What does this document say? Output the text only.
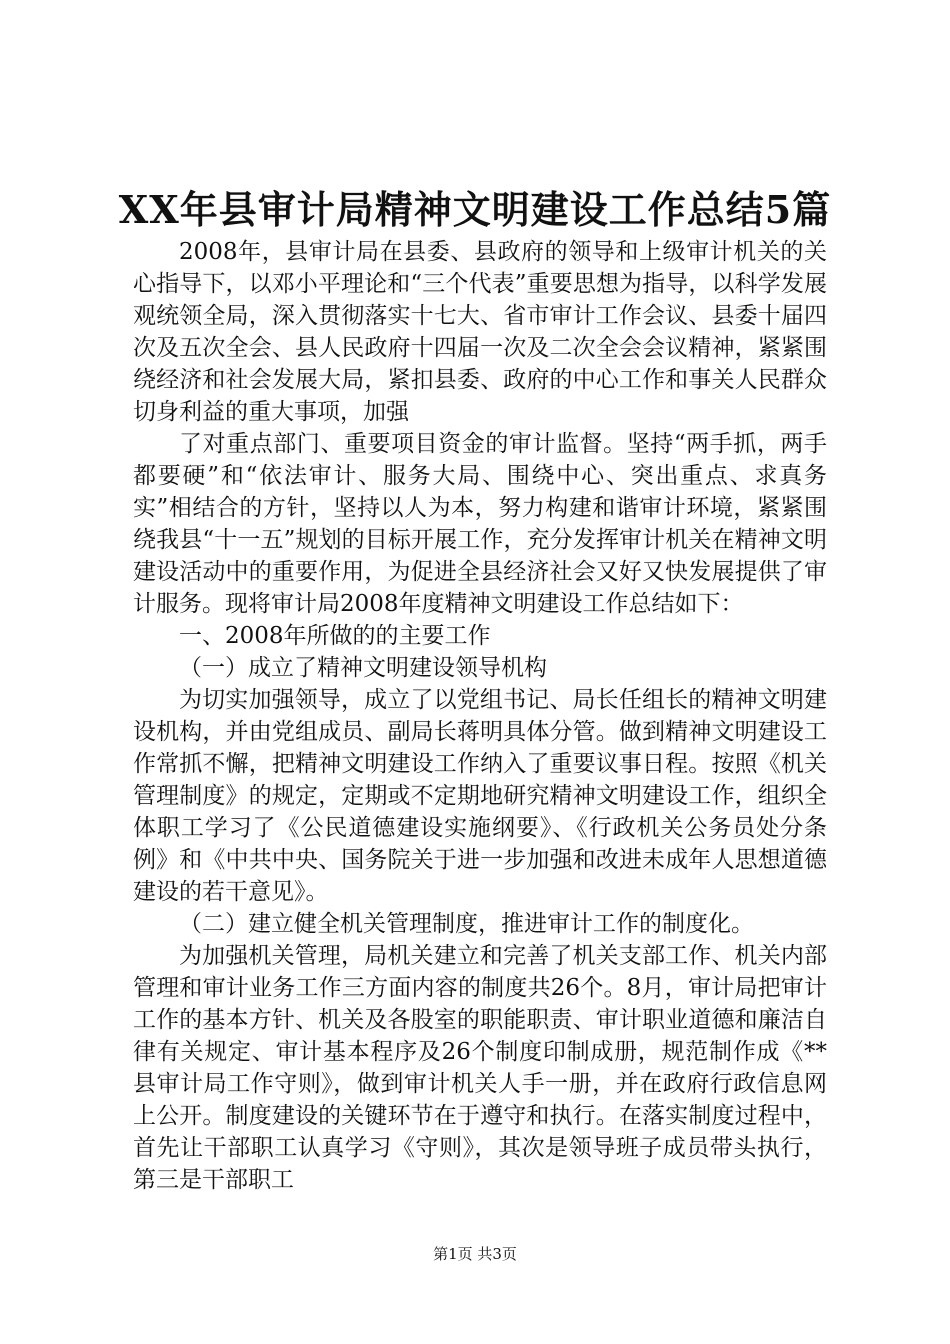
XX年县审计局精神文明建设工作总结5篇

2008年，县审计局在县委、县政府的领导和上级审计机关的关心指导下，以邓小平理论和“三个代表”重要思想为指导，以科学发展观统领全局，深入贯彻落实十七大、省市审计工作会议、县委十届四次及五次全会、县人民政府十四届一次及二次全会会议精神，紧紧围绕经济和社会发展大局，紧扣县委、政府的中心工作和事关人民群众切身利益的重大事项，加强

了对重点部门、重要项目资金的审计监督。坚持“两手抓，两手都要硬”和“依法审计、服务大局、围绕中心、突出重点、求真务实”相结合的方针，坚持以人为本，努力构建和谐审计环境，紧紧围绕我县“十一五”规划的目标开展工作，充分发挥审计机关在精神文明建设活动中的重要作用，为促进全县经济社会又好又快发展提供了审计服务。现将审计局2008年度精神文明建设工作总结如下：

一、2008年所做的的主要工作

（一）成立了精神文明建设领导机构

为切实加强领导，成立了以党组书记、局长任组长的精神文明建设机构，并由党组成员、副局长蒋明具体分管。做到精神文明建设工作常抓不懈，把精神文明建设工作纳入了重要议事日程。按照《机关管理制度》的规定，定期或不定期地研究精神文明建设工作，组织全体职工学习了《公民道德建设实施纲要》、《行政机关公务员处分条例》和《中共中央、国务院关于进一步加强和改进未成年人思想道德建设的若干意见》。

（二）建立健全机关管理制度，推进审计工作的制度化。

为加强机关管理，局机关建立和完善了机关支部工作、机关内部管理和审计业务工作三方面内容的制度共26个。8月，审计局把审计工作的基本方针、机关及各股室的职能职责、审计职业道德和廉洁自律有关规定、审计基本程序及26个制度印制成册，规范制作成《**县审计局工作守则》，做到审计机关人手一册，并在政府行政信息网上公开。制度建设的关键环节在于遵守和执行。在落实制度过程中，首先让干部职工认真学习《守则》，其次是领导班子成员带头执行，第三是干部职工

第1页 共3页
